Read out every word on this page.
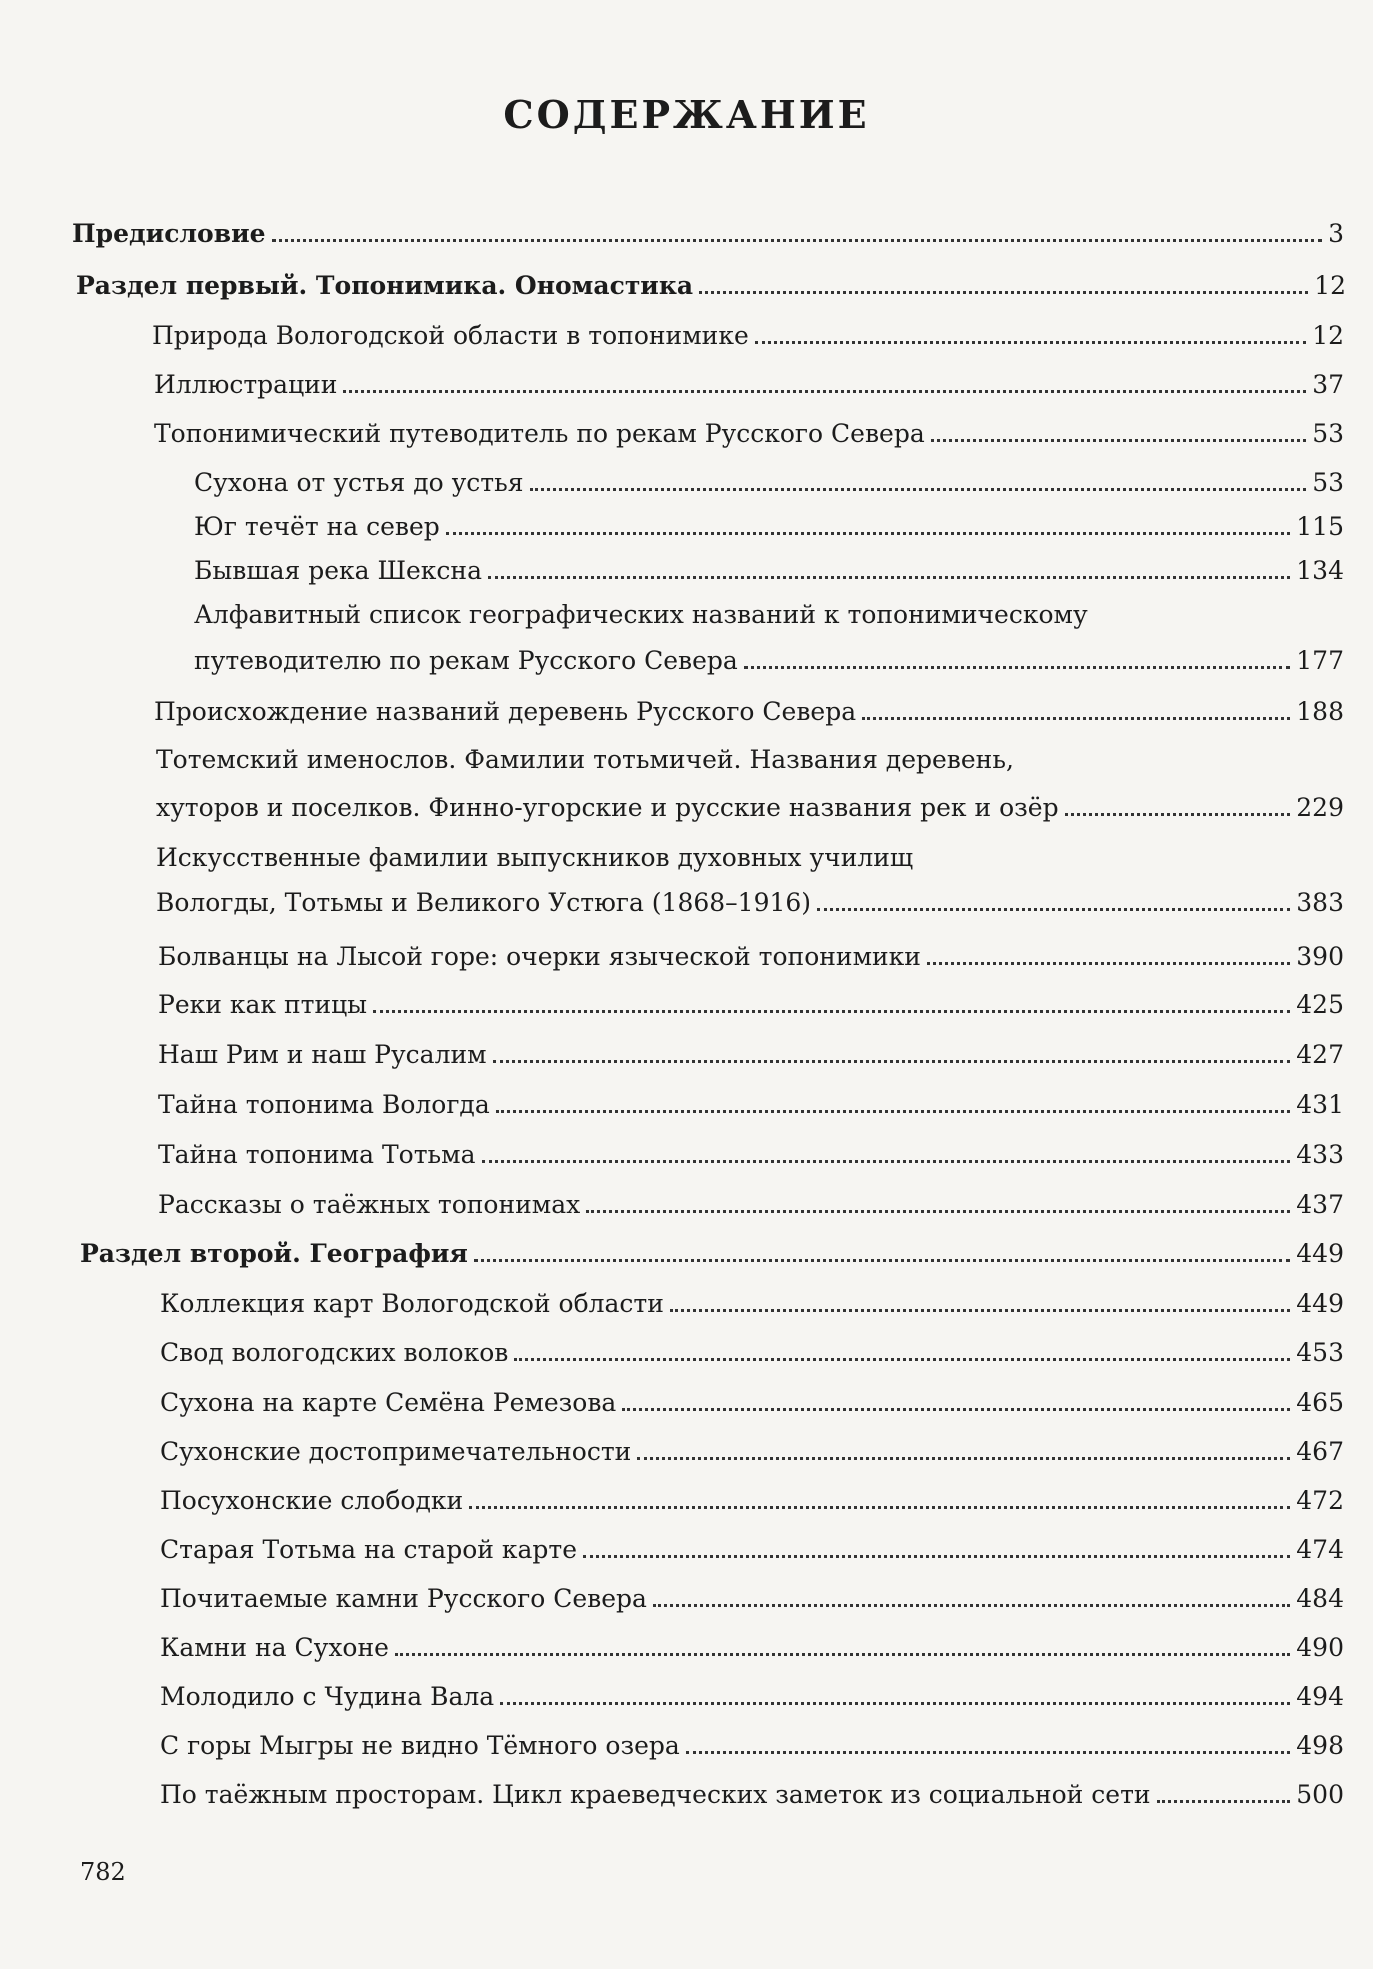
СОДЕРЖАНИЕ
Предисловие	3
Раздел первый. Топонимика. Ономастика	12
Природа Вологодской области в топонимике	12
Иллюстрации	37
Топонимический путеводитель по рекам Русского Севера	53
Сухона от устья до устья	53
Юг течёт на север	115
Бывшая река Шексна	134
Алфавитный список географических названий к топонимическому
путеводителю по рекам Русского Севера	177
Происхождение названий деревень Русского Севера	188
Тотемский именослов. Фамилии тотьмичей. Названия деревень,
хуторов и поселков. Финно-угорские и русские названия рек и озёр	229
Искусственные фамилии выпускников духовных училищ
Вологды, Тотьмы и Великого Устюга (1868–1916)	383
Болванцы на Лысой горе: очерки языческой топонимики	390
Реки как птицы	425
Наш Рим и наш Русалим	427
Тайна топонима Вологда	431
Тайна топонима Тотьма	433
Рассказы о таёжных топонимах	437
Раздел второй. География	449
Коллекция карт Вологодской области	449
Свод вологодских волоков	453
Сухона на карте Семёна Ремезова	465
Сухонские достопримечательности	467
Посухонские слободки	472
Старая Тотьма на старой карте	474
Почитаемые камни Русского Севера	484
Камни на Сухоне	490
Молодило с Чудина Вала	494
С горы Мыгры не видно Тёмного озера	498
По таёжным просторам. Цикл краеведческих заметок из социальной сети	500
782
